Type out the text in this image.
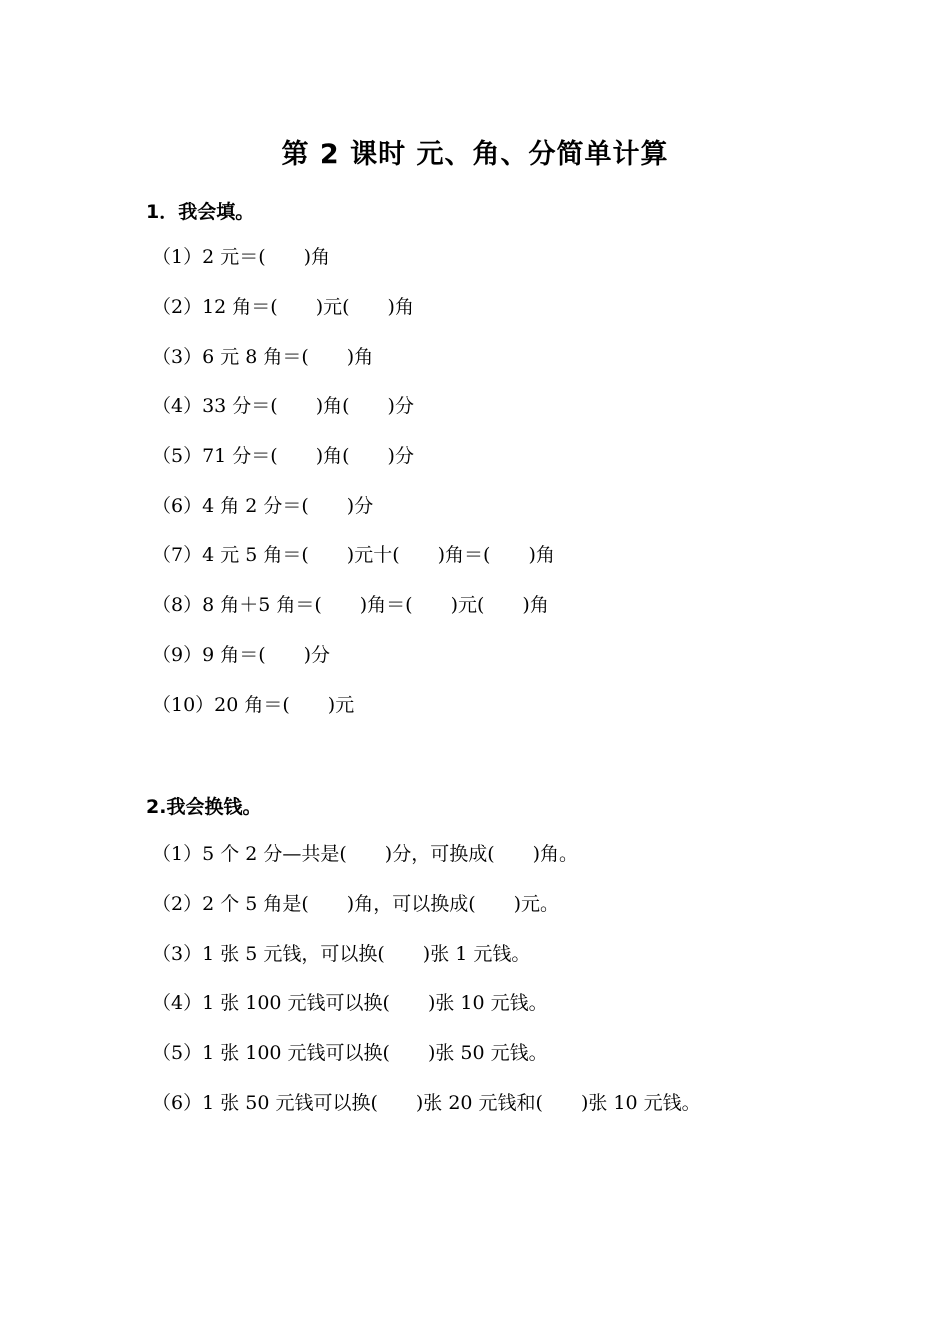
第 2 课时 元、角、分简单计算
1．我会填。
（1）2 元＝(　　)角
（2）12 角＝(　　)元(　　)角
（3）6 元 8 角＝(　　)角
（4）33 分＝(　　)角(　　)分
（5）71 分＝(　　)角(　　)分
（6）4 角 2 分＝(　　)分
（7）4 元 5 角＝(　　)元十(　　)角＝(　　)角
（8）8 角＋5 角＝(　　)角＝(　　)元(　　)角
（9）9 角＝(　　)分
（10）20 角＝(　　)元
2.我会换钱。
（1）5 个 2 分—共是(　　)分，可换成(　　)角。
（2）2 个 5 角是(　　)角，可以换成(　　)元。
（3）1 张 5 元钱，可以换(　　)张 1 元钱。
（4）1 张 100 元钱可以换(　　)张 10 元钱。
（5）1 张 100 元钱可以换(　　)张 50 元钱。
（6）1 张 50 元钱可以换(　　)张 20 元钱和(　　)张 10 元钱。
